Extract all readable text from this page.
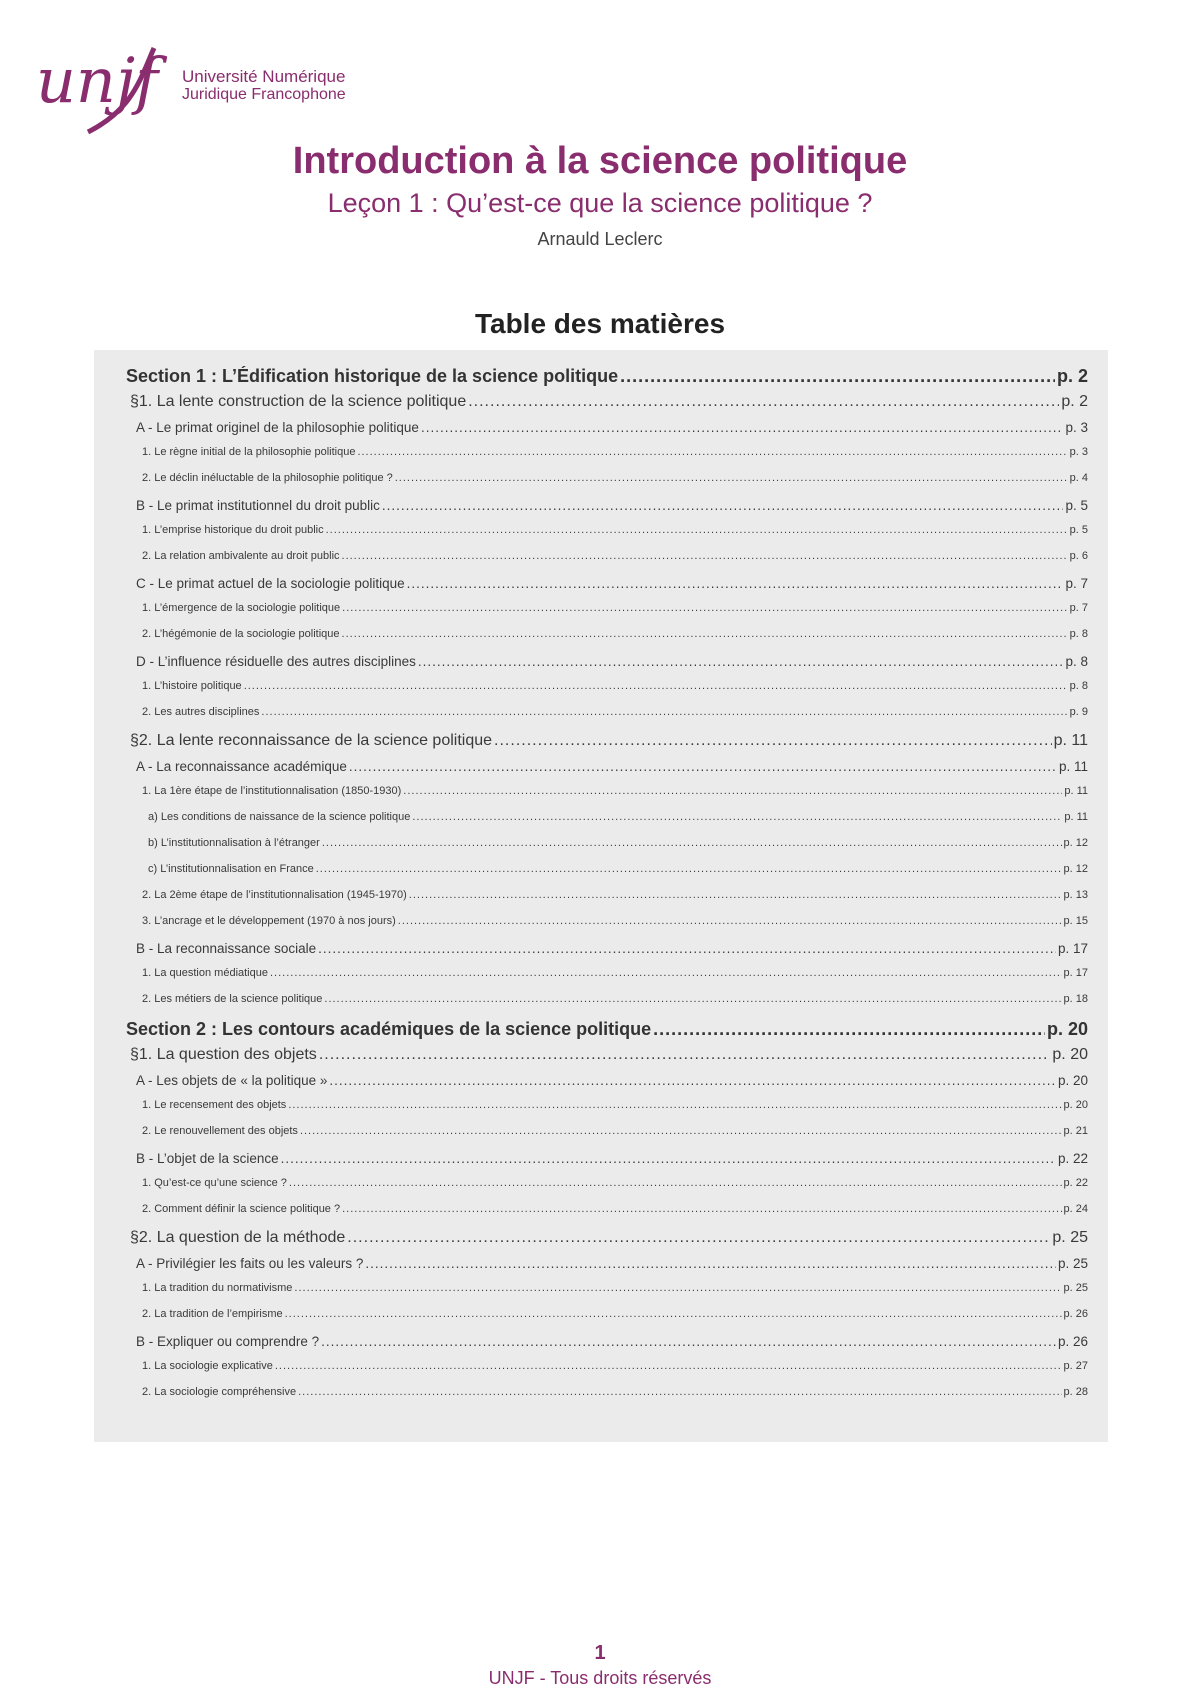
unjf	Université Numérique
Juridique Francophone
Introduction à la science politique
Leçon 1 : Qu’est-ce que la science politique ?
Arnauld Leclerc
Table des matières
Section 1 : L’Édification historique de la science politique .....	p. 2
§1. La lente construction de la science politique .....	p. 2
A - Le primat originel de la philosophie politique .....	p. 3
1. Le règne initial de la philosophie politique .....	p. 3
2. Le déclin inéluctable de la philosophie politique ? .....	p. 4
B - Le primat institutionnel du droit public .....	p. 5
1. L’emprise historique du droit public .....	p. 5
2. La relation ambivalente au droit public .....	p. 6
C - Le primat actuel de la sociologie politique .....	p. 7
1. L’émergence de la sociologie politique .....	p. 7
2. L’hégémonie de la sociologie politique .....	p. 8
D - L’influence résiduelle des autres disciplines .....	p. 8
1. L’histoire politique .....	p. 8
2. Les autres disciplines .....	p. 9
§2. La lente reconnaissance de la science politique .....	p. 11
A - La reconnaissance académique .....	p. 11
1. La 1ère étape de l’institutionnalisation (1850-1930) .....	p. 11
a) Les conditions de naissance de la science politique .....	p. 11
b) L’institutionnalisation à l’étranger .....	p. 12
c) L’institutionnalisation en France .....	p. 12
2. La 2ème étape de l’institutionnalisation (1945-1970) .....	p. 13
3. L’ancrage et le développement (1970 à nos jours) .....	p. 15
B - La reconnaissance sociale .....	p. 17
1. La question médiatique .....	p. 17
2. Les métiers de la science politique .....	p. 18
Section 2 : Les contours académiques de la science politique .....	p. 20
§1. La question des objets .....	p. 20
A - Les objets de « la politique » .....	p. 20
1. Le recensement des objets .....	p. 20
2. Le renouvellement des objets .....	p. 21
B - L’objet de la science .....	p. 22
1. Qu’est-ce qu’une science ? .....	p. 22
2. Comment définir la science politique ? .....	p. 24
§2. La question de la méthode .....	p. 25
A - Privilégier les faits ou les valeurs ? .....	p. 25
1. La tradition du normativisme .....	p. 25
2. La tradition de l’empirisme .....	p. 26
B - Expliquer ou comprendre ? .....	p. 26
1. La sociologie explicative .....	p. 27
2. La sociologie compréhensive .....	p. 28
1
UNJF - Tous droits réservés
